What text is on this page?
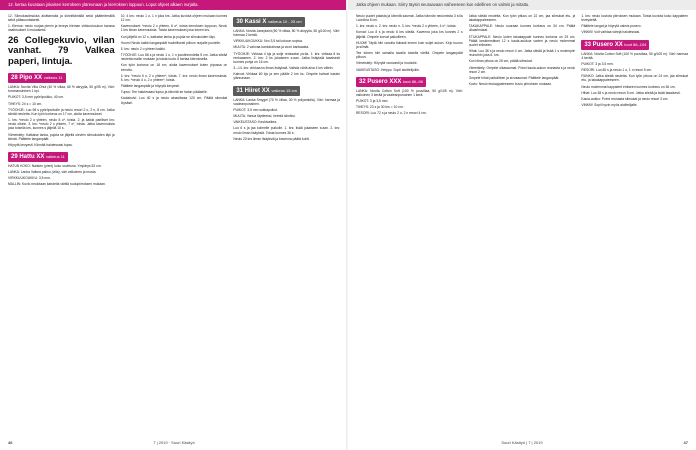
12. kertaa kuvataan jokaisen kerroksen yläreunaan ja kierroksen loppuun. Loput ohjeet alkaen nurjalta.

12. Silmukasilmukka aloittamalla ja kiinnittämällä sekä päättelemällä sekä pääsuuntaisesti.

1. Kierros: neulo nurjaa pienin ja leveys hieman virkkuukoukun kanssa vaatimukset 4 mukaisesti.

26 Collegekuvio, vilan vanhat. 79 Valkea paperi, lintuja.
28 Pipo XX vaikeus 11

LANKA: Novita Vilia Ohut (40 % villaa, 60 % akryylia, 50 g/95 m). Väri: tummansininen 1 kpl.

PUIKOT: 3,5 mm pyöröpuikko, 40 cm.

TIHEYS: 24 s = 10 cm.

TYÖOHJE: Luo 98 s pyöröpuikolle ja neulo resori 2 o, 2 n, 8 cm. Jatka sileää neuletta. Kun työn korkeus on 17 cm, aloita kavennukset.

1. krs: *neulo 2 o yhteen, neulo 8 o*, toista. 2. ja kaikki parilliset krs: neulo oikein. 3. krs: *neulo 2 o yhteen, 7 o*, toista. Jatka kavennuksia joka toisella krs, kunnes s jäljellä 10 s.

Viimeistely: Katkaise lanka, pujota se jäljellä olevien silmukoiden läpi ja kiristä. Päättele langanpäät.

Höyrytä kevyesti. Kiinnitä halutessasi tupsu.

29 Hattu XX vaikeus 11

HATUN KOKO: Naisten (pieni) koko sovittuna. Ympärys 52 cm.

LANKA: Lanka Valkea paksu (villa), väri valkoinen ja musta.

VIRKKUUKOUKKU: 3,5 mm.

MALLIN: Kuvio neulotaan kahdella värillä ruutupiirroksen mukaan.

10. 4 krs: neulo 1 o, 1 n joka krs. Jatka kuviota ohjeen mukaan kunnes 12 cm.

Kavennukset: *neulo 2 o yhteen, 6 o*, toista kerroksen loppuun. Neulo 1 krs ilman kavennuksia. Toista kavennukset joka toinen krs.

Kun jäljellä on 12 s, katkaise lanka ja pujota se silmukoiden läpi.

Huom! Neulo kaikki langanpäät huolellisesti piiloon nurjalle puolelle.

5. krs: neulo 2 o yhteen kaikki.

TYÖOHJE: Luo 88 s ja neulo 1 o, 1 n joustinneuletta 5 cm. Jatka sileää neuletta mallin mukaan ja toista kuvio 8 kertaa kierroksella.

Kun työn korkeus on 18 cm, aloita kavennukset kuten pipossa on kerrottu.

6. krs: *neulo 5 o, 2 o yhteen*, toista. 7. krs: neulo ilman kavennuksia. 8. krs: *neulo 4 o, 2 o yhteen*, toista.

Päättele langanpäät ja höyrytä kevyesti.

Tupsu: Tee halutessasi tupsu ja kiinnitä se hatun päälaelle.

Kaulahuivi: Luo 40 s ja neulo ainaoikeaa 120 cm. Päätä silmukat löysästi.

30 Kassi X vaikeus 10 - 25 cm

LANKA: Novita Jaseplaint (50 % villaa, 50 % akryylia, 50 g/100 m). Väri: harmaa 2 kerää.

VIRKKUUKOUKKU: Nro 3,5 tai kokoon sopiva.

MUUTA: 2 vahvaa kantokahvaa ja vuori kankaasta.

TYÖOHJE: Virkkaa 4 kjs ja sulje renkaaksi ps:lla. 1. krs: virkkaa 8 ks renkaaseen. 2. krs: 2 ks jokaiseen s:aan. Jatka lisäyksiä tasaisesti kunnes pohja on 16 cm.

3.–14. krs: virkkaa ks ilman lisäyksiä. Vaihda väriä aina 4 krs välein.

Kahvat: Virkkaa 60 kjs ja sen päälle 2 krs ks. Ompele kahvat kassin yläreunaan.

31 Hiiret XX vaikeus 15 cm

LANKA: Lanka Smygel (70 % villaa, 30 % polyamidia). Väri: harmaa ja vaaleanpunainen.

PUIKOT: 3,5 mm sukkapuikot.

MUUTA: Vanua täytteeksi, helmiä silmiksi.

VAIKEUSTASO: Keskivaikea.

Luo 6 s ja jaa kolmelle puikolle. 1. krs: lisää jokaiseen s:aan. 2. krs: neulo ilman lisäyksiä. Toista kunnes 36 s.

Neulo 20 krs ilman lisäyksiä ja kavenna päätä kohti.

46	7 | 2019 · Suuri Käsityö
Jatka ohjeen mukaan. Siirry täysin seuraavaan vaiheeseen kun edellinen on valmis ja mitattu.

Neulo puolet palasta ja kiinnitä saumat. Jatka hännän neulomista 3 s:lla i-cordina 8 cm.

1. krs: neulo o. 2. krs: neulo n. 3. krs: *neulo 2 o yhteen, 4 o*, toista.

Korvat: Luo 8 s ja neulo 6 krs sileää. Kavenna joka krs kunnes 2 s jäljellä. Ompele korvat paikoilleen.

HUOM! Täytä hiiri vanulla tiukasti ennen kuin suljet aukon. Kirjo kuono ja silmät.

Tee toinen hiiri samalla tavalla toisella värillä. Ompele langanpäät piiloon.

Viimeistely: Höyrytä varovasti ja muotoile.

VAIKEUSTASO: Helppo. Sopii aloittelijoille.

32 Pusero XXX koot 86–98

LANKA: Novita Cotton Soft (100 % puuvillaa, 50 g/105 m). Väri: valkoinen 3 kerää ja vaaleanpunainen 1 kerä.

PUIKOT: 3 ja 3,5 mm.

TIHEYS: 23 s ja 30 krs = 10 cm.

RESORI: Luo 72 s ja neulo 2 o, 2 n resori 4 cm.

Jatka sileää neuletta. Kun työn pituus on 22 cm, jaa silmukat etu- ja takakappaleeseen.

TAKAKAPPALE: Neulo suoraan kunnes korkeus on 34 cm. Päätä olkasilmukat.

ETUKAPPALE: Neulo kuten takakappale kunnes korkeus on 29 cm. Päätä keskimmäiset 12 s kaula-aukkoa varten ja neulo molemmat puolet erikseen.

Hihat: Luo 36 s ja neulo resori 4 cm. Jatka sileää ja lisää 1 s molempiin reunoihin joka 6. krs.

Kun hihan pituus on 26 cm, päätä silmukat.

Viimeistely: Ompele olkasaumat. Poimi kaula-aukon reunasta s ja neulo resori 2 cm.

Ompele hihat paikoilleen ja sivusaumat. Päättele langanpäät.

Kuvio: Neulo etukappaleeseen kuvio piirroksen mukaan.

1. krs: neulo kuviota piirroksen mukaan. Toista kuviota koko kappaleen leveydeltä.

Päättele langat ja höyrytä valmis pusero.

VINKKI! Voit vaihtaa värejä halutessasi.

33 Pusero XX koot 86–104

LANKA: Novita Cotton Soft (100 % puuvillaa, 50 g/105 m). Väri: harmaa 4 kerää.

PUIKOT: 3 ja 3,5 mm.

RESORI: Luo 80 s ja neulo 1 o, 1 n resori 5 cm.

RUNKO: Jatka sileää neuletta. Kun työn pituus on 24 cm, jaa silmukat etu- ja takakappaleeseen.

Neulo molemmat kappaleet erikseen kunnes korkeus on 36 cm.

Hihat: Luo 38 s ja neulo resori 5 cm. Jatka sileää ja lisää tasaisesti.

Kaula-aukko: Poimi reunasta silmukat ja neulo resori 3 cm.

VINKKI! Sopii hyvin myös aloittelijalle.

Suuri Käsityö | 7 | 2019	47
